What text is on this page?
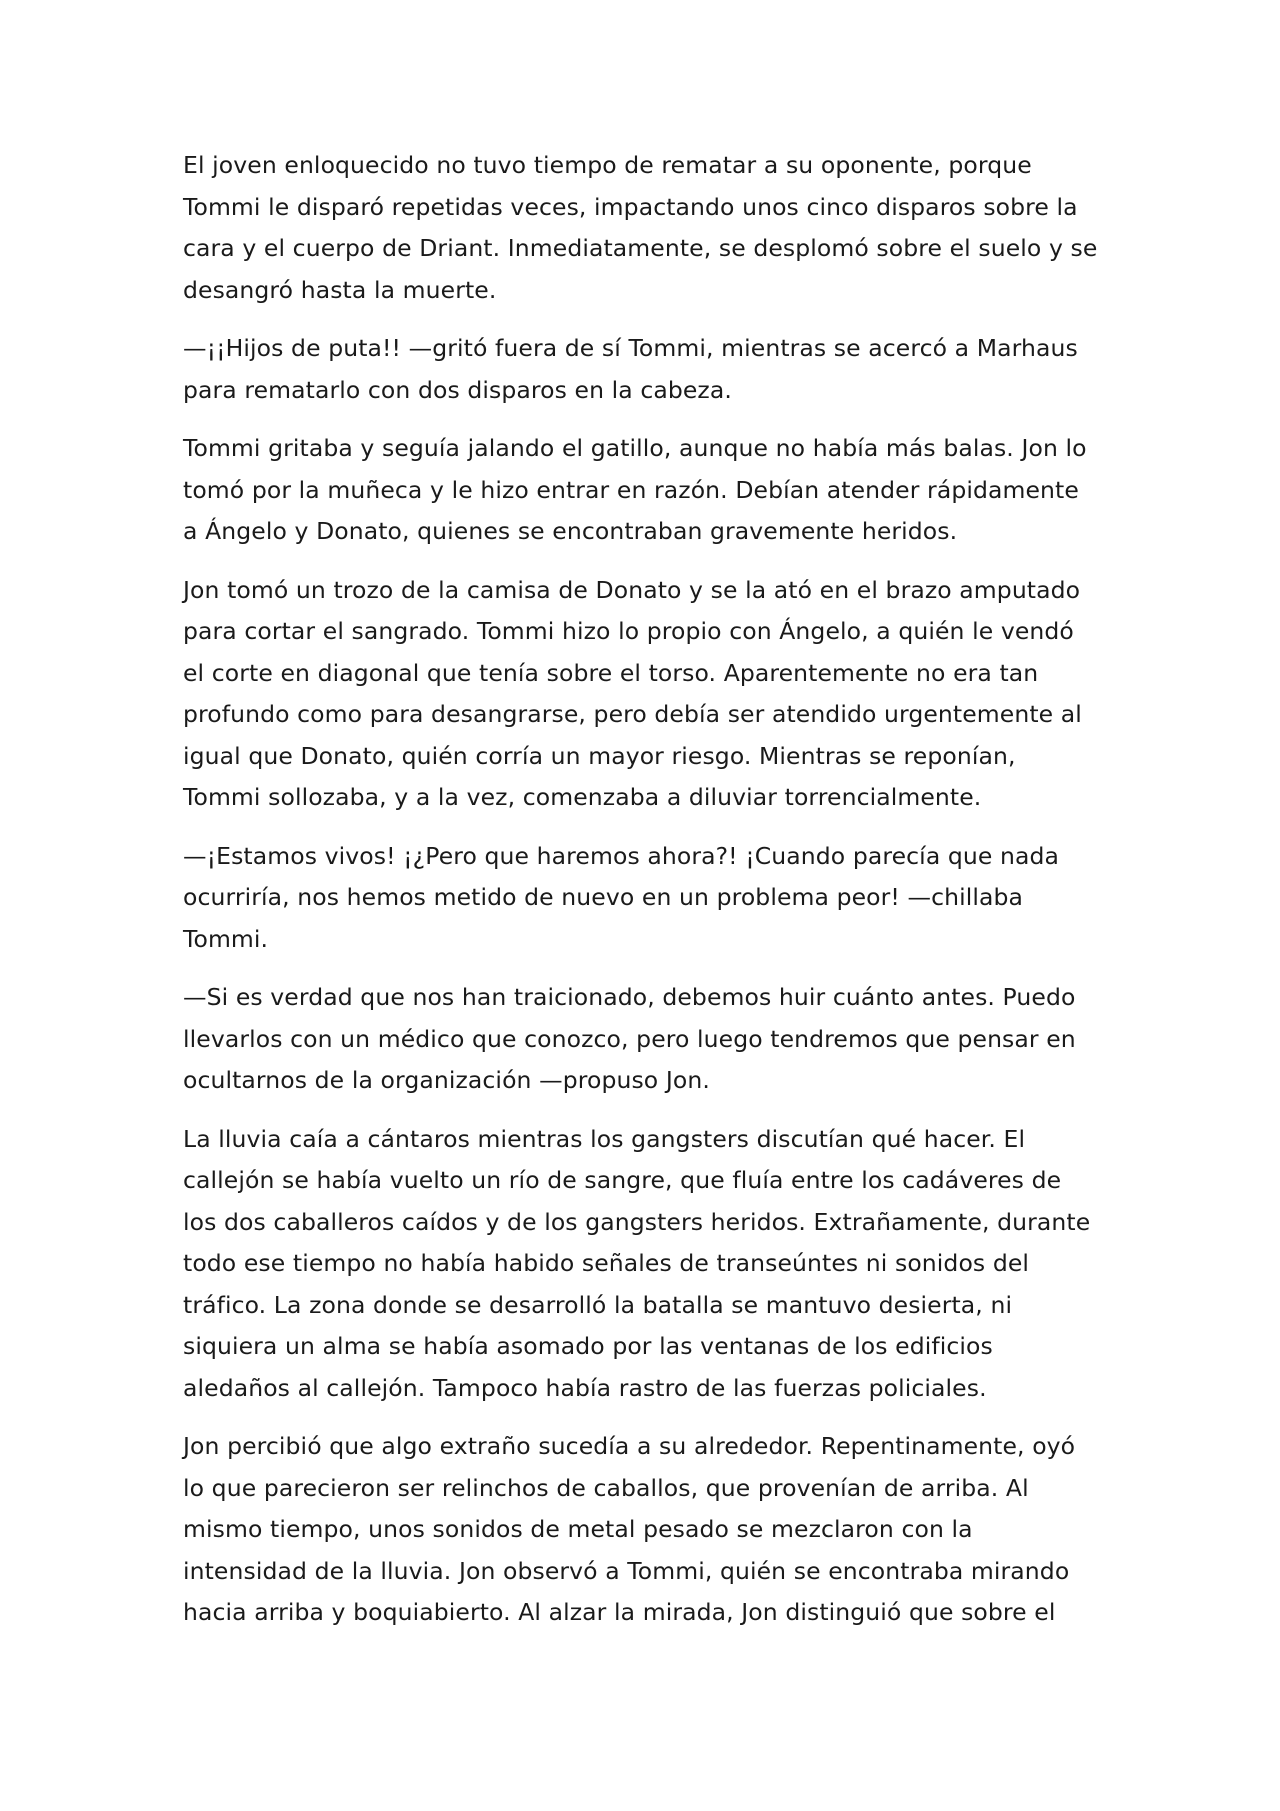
El joven enloquecido no tuvo tiempo de rematar a su oponente, porque
Tommi le disparó repetidas veces, impactando unos cinco disparos sobre la
cara y el cuerpo de Driant. Inmediatamente, se desplomó sobre el suelo y se
desangró hasta la muerte.

—¡¡Hijos de puta!! —gritó fuera de sí Tommi, mientras se acercó a Marhaus
para rematarlo con dos disparos en la cabeza.

Tommi gritaba y seguía jalando el gatillo, aunque no había más balas. Jon lo
tomó por la muñeca y le hizo entrar en razón. Debían atender rápidamente
a Ángelo y Donato, quienes se encontraban gravemente heridos.

Jon tomó un trozo de la camisa de Donato y se la ató en el brazo amputado
para cortar el sangrado. Tommi hizo lo propio con Ángelo, a quién le vendó
el corte en diagonal que tenía sobre el torso. Aparentemente no era tan
profundo como para desangrarse, pero debía ser atendido urgentemente al
igual que Donato, quién corría un mayor riesgo. Mientras se reponían,
Tommi sollozaba, y a la vez, comenzaba a diluviar torrencialmente.

—¡Estamos vivos! ¡¿Pero que haremos ahora?! ¡Cuando parecía que nada
ocurriría, nos hemos metido de nuevo en un problema peor! —chillaba
Tommi.

—Si es verdad que nos han traicionado, debemos huir cuánto antes. Puedo
llevarlos con un médico que conozco, pero luego tendremos que pensar en
ocultarnos de la organización —propuso Jon.

La lluvia caía a cántaros mientras los gangsters discutían qué hacer. El
callejón se había vuelto un río de sangre, que fluía entre los cadáveres de
los dos caballeros caídos y de los gangsters heridos. Extrañamente, durante
todo ese tiempo no había habido señales de transeúntes ni sonidos del
tráfico. La zona donde se desarrolló la batalla se mantuvo desierta, ni
siquiera un alma se había asomado por las ventanas de los edificios
aledaños al callejón. Tampoco había rastro de las fuerzas policiales.

Jon percibió que algo extraño sucedía a su alrededor. Repentinamente, oyó
lo que parecieron ser relinchos de caballos, que provenían de arriba. Al
mismo tiempo, unos sonidos de metal pesado se mezclaron con la
intensidad de la lluvia. Jon observó a Tommi, quién se encontraba mirando
hacia arriba y boquiabierto. Al alzar la mirada, Jon distinguió que sobre el
